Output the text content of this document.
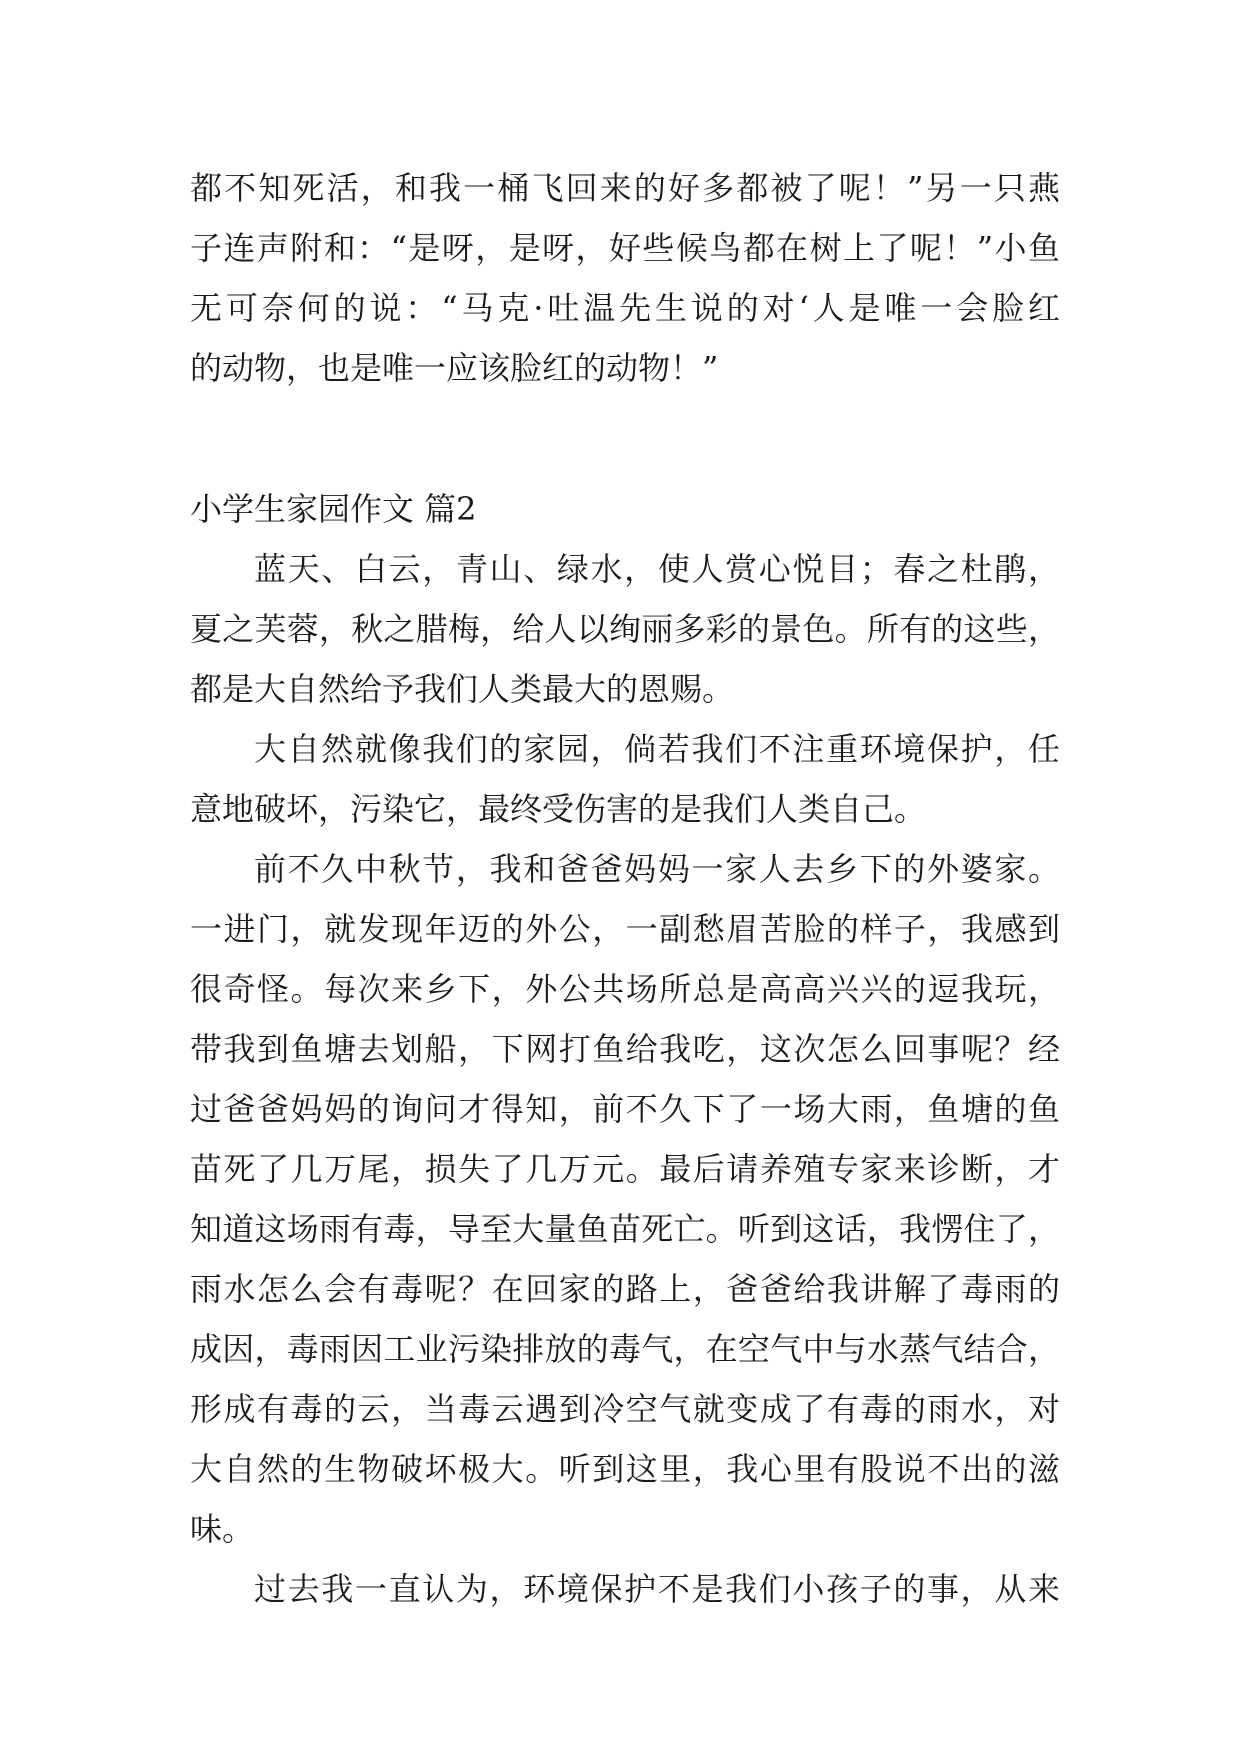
都不知死活，和我一桶飞回来的好多都被了呢！”另一只燕
子连声附和：“是呀，是呀，好些候鸟都在树上了呢！”小鱼
无可奈何的说：“马克·吐温先生说的对‘人是唯一会脸红
的动物，也是唯一应该脸红的动物！”
小学生家园作文 篇2
蓝天、白云，青山、绿水，使人赏心悦目；春之杜鹃，
夏之芙蓉，秋之腊梅，给人以绚丽多彩的景色。所有的这些，
都是大自然给予我们人类最大的恩赐。
大自然就像我们的家园，倘若我们不注重环境保护，任
意地破坏，污染它，最终受伤害的是我们人类自己。
前不久中秋节，我和爸爸妈妈一家人去乡下的外婆家。
一进门，就发现年迈的外公，一副愁眉苦脸的样子，我感到
很奇怪。每次来乡下，外公共场所总是高高兴兴的逗我玩，
带我到鱼塘去划船，下网打鱼给我吃，这次怎么回事呢？经
过爸爸妈妈的询问才得知，前不久下了一场大雨，鱼塘的鱼
苗死了几万尾，损失了几万元。最后请养殖专家来诊断，才
知道这场雨有毒，导至大量鱼苗死亡。听到这话，我愣住了，
雨水怎么会有毒呢？在回家的路上，爸爸给我讲解了毒雨的
成因，毒雨因工业污染排放的毒气，在空气中与水蒸气结合，
形成有毒的云，当毒云遇到冷空气就变成了有毒的雨水，对
大自然的生物破坏极大。听到这里，我心里有股说不出的滋
味。
过去我一直认为，环境保护不是我们小孩子的事，从来
